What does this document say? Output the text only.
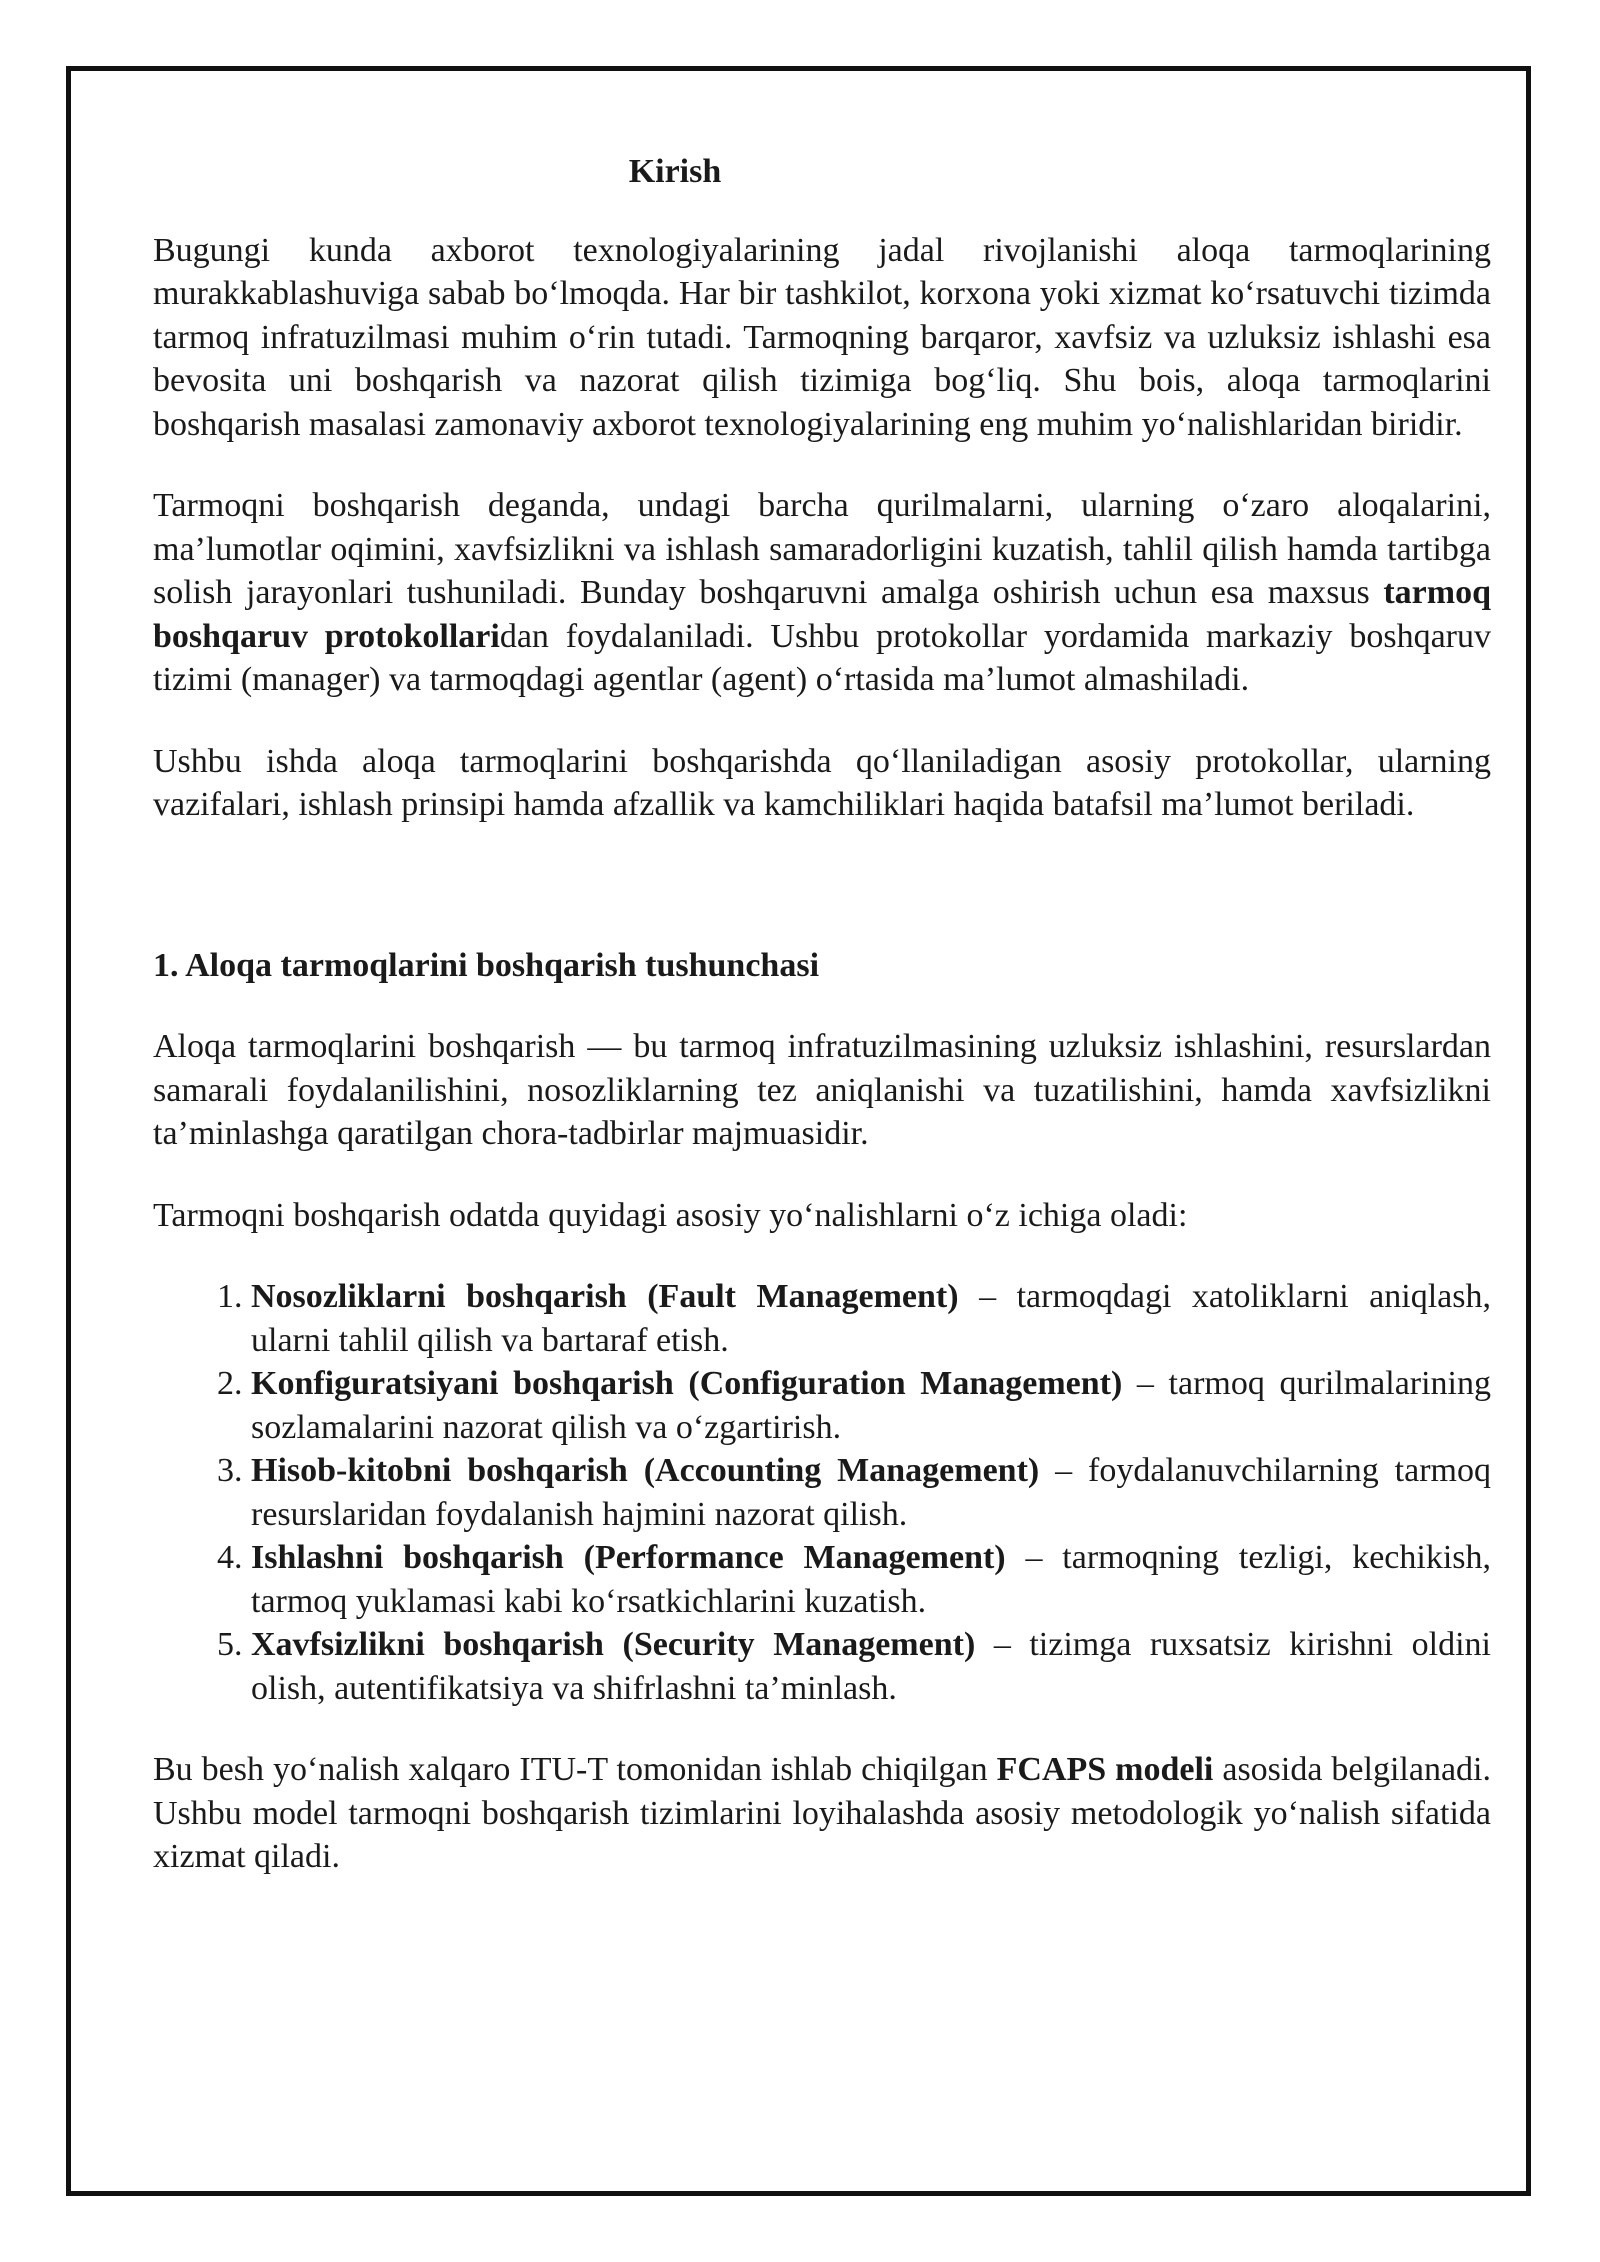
Kirish

Bugungi kunda axborot texnologiyalarining jadal rivojlanishi aloqa tarmoqlarining murakkablashuviga sabab bo‘lmoqda. Har bir tashkilot, korxona yoki xizmat ko‘rsatuvchi tizimda tarmoq infratuzilmasi muhim o‘rin tutadi. Tarmoqning barqaror, xavfsiz va uzluksiz ishlashi esa bevosita uni boshqarish va nazorat qilish tizimiga bog‘liq. Shu bois, aloqa tarmoqlarini boshqarish masalasi zamonaviy axborot texnologiyalarining eng muhim yo‘nalishlaridan biridir.

Tarmoqni boshqarish deganda, undagi barcha qurilmalarni, ularning o‘zaro aloqalarini, ma’lumotlar oqimini, xavfsizlikni va ishlash samaradorligini kuzatish, tahlil qilish hamda tartibga solish jarayonlari tushuniladi. Bunday boshqaruvni amalga oshirish uchun esa maxsus tarmoq boshqaruv protokollaridan foydalaniladi. Ushbu protokollar yordamida markaziy boshqaruv tizimi (manager) va tarmoqdagi agentlar (agent) o‘rtasida ma’lumot almashiladi.

Ushbu ishda aloqa tarmoqlarini boshqarishda qo‘llaniladigan asosiy protokollar, ularning vazifalari, ishlash prinsipi hamda afzallik va kamchiliklari haqida batafsil ma’lumot beriladi.

1. Aloqa tarmoqlarini boshqarish tushunchasi

Aloqa tarmoqlarini boshqarish — bu tarmoq infratuzilmasining uzluksiz ishlashini, resurslardan samarali foydalanilishini, nosozliklarning tez aniqlanishi va tuzatilishini, hamda xavfsizlikni ta’minlashga qaratilgan chora-tadbirlar majmuasidir.

Tarmoqni boshqarish odatda quyidagi asosiy yo‘nalishlarni o‘z ichiga oladi:

1. Nosozliklarni boshqarish (Fault Management) – tarmoqdagi xatoliklarni aniqlash, ularni tahlil qilish va bartaraf etish.
2. Konfiguratsiyani boshqarish (Configuration Management) – tarmoq qurilmalarining sozlamalarini nazorat qilish va o‘zgartirish.
3. Hisob-kitobni boshqarish (Accounting Management) – foydalanuvchilarning tarmoq resurslaridan foydalanish hajmini nazorat qilish.
4. Ishlashni boshqarish (Performance Management) – tarmoqning tezligi, kechikish, tarmoq yuklamasi kabi ko‘rsatkichlarini kuzatish.
5. Xavfsizlikni boshqarish (Security Management) – tizimga ruxsatsiz kirishni oldini olish, autentifikatsiya va shifrlashni ta’minlash.

Bu besh yo‘nalish xalqaro ITU-T tomonidan ishlab chiqilgan FCAPS modeli asosida belgilanadi. Ushbu model tarmoqni boshqarish tizimlarini loyihalashda asosiy metodologik yo‘nalish sifatida xizmat qiladi.
